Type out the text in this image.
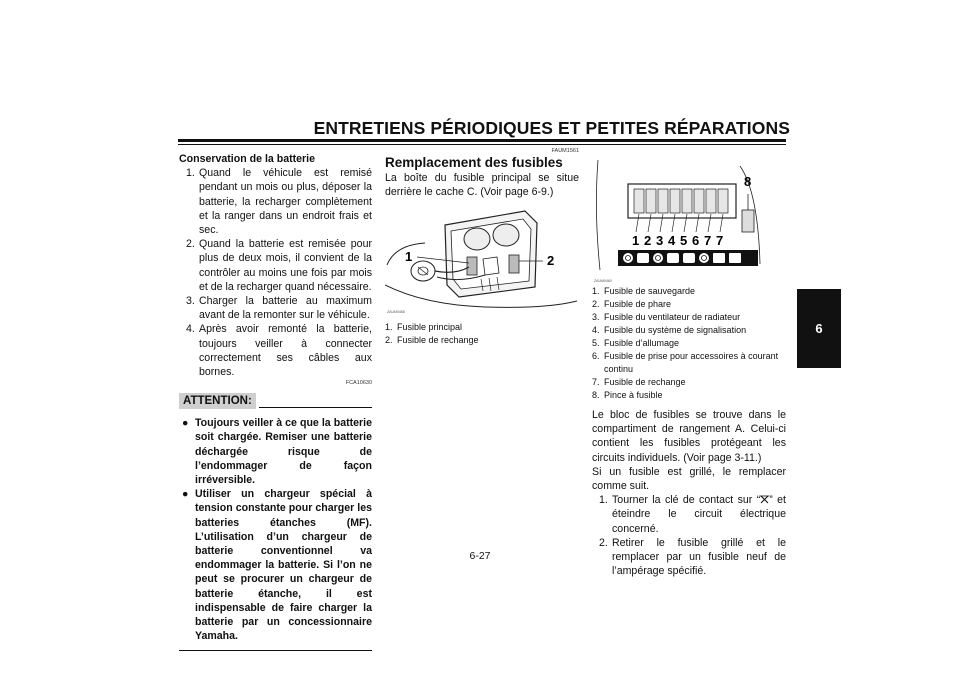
ENTRETIENS PÉRIODIQUES ET PETITES RÉPARATIONS
6
Conservation de la batterie
1. Quand le véhicule est remisé pendant un mois ou plus, déposer la batterie, la recharger complètement et la ranger dans un endroit frais et sec.
2. Quand la batterie est remisée pour plus de deux mois, il convient de la contrôler au moins une fois par mois et de la recharger quand nécessaire.
3. Charger la batterie au maximum avant de la remonter sur le véhicule.
4. Après avoir remonté la batterie, toujours veiller à connecter correctement ses câbles aux bornes.
FCA10630
ATTENTION:
● Toujours veiller à ce que la batterie soit chargée. Remiser une batterie déchargée risque de l’endommager de façon irréversible.
● Utiliser un chargeur spécial à tension constante pour charger les batteries étanches (MF). L’utilisation d’un chargeur de batterie conventionnel va endommager la batterie. Si l’on ne peut se procurer un chargeur de batterie étanche, il est indispensable de faire charger la batterie par un concessionnaire Yamaha.
FAUM1561
Remplacement des fusibles
La boîte du fusible principal se situe derrière le cache C. (Voir page 6-9.)
1	2
ZAUM0458
1. Fusible principal
2. Fusible de rechange
1 2 3 4 5 6 7 7
8
ZAUM0460
1. Fusible de sauvegarde
2. Fusible de phare
3. Fusible du ventilateur de radiateur
4. Fusible du système de signalisation
5. Fusible d’allumage
6. Fusible de prise pour accessoires à courant continu
7. Fusible de rechange
8. Pince à fusible
Le bloc de fusibles se trouve dans le compartiment de rangement A. Celui-ci contient les fusibles protégeant les circuits individuels. (Voir page 3-11.)
Si un fusible est grillé, le remplacer comme suit.
1. Tourner la clé de contact sur “ ” et éteindre le circuit électrique concerné.
2. Retirer le fusible grillé et le remplacer par un fusible neuf de l’ampérage spécifié.
6-27
